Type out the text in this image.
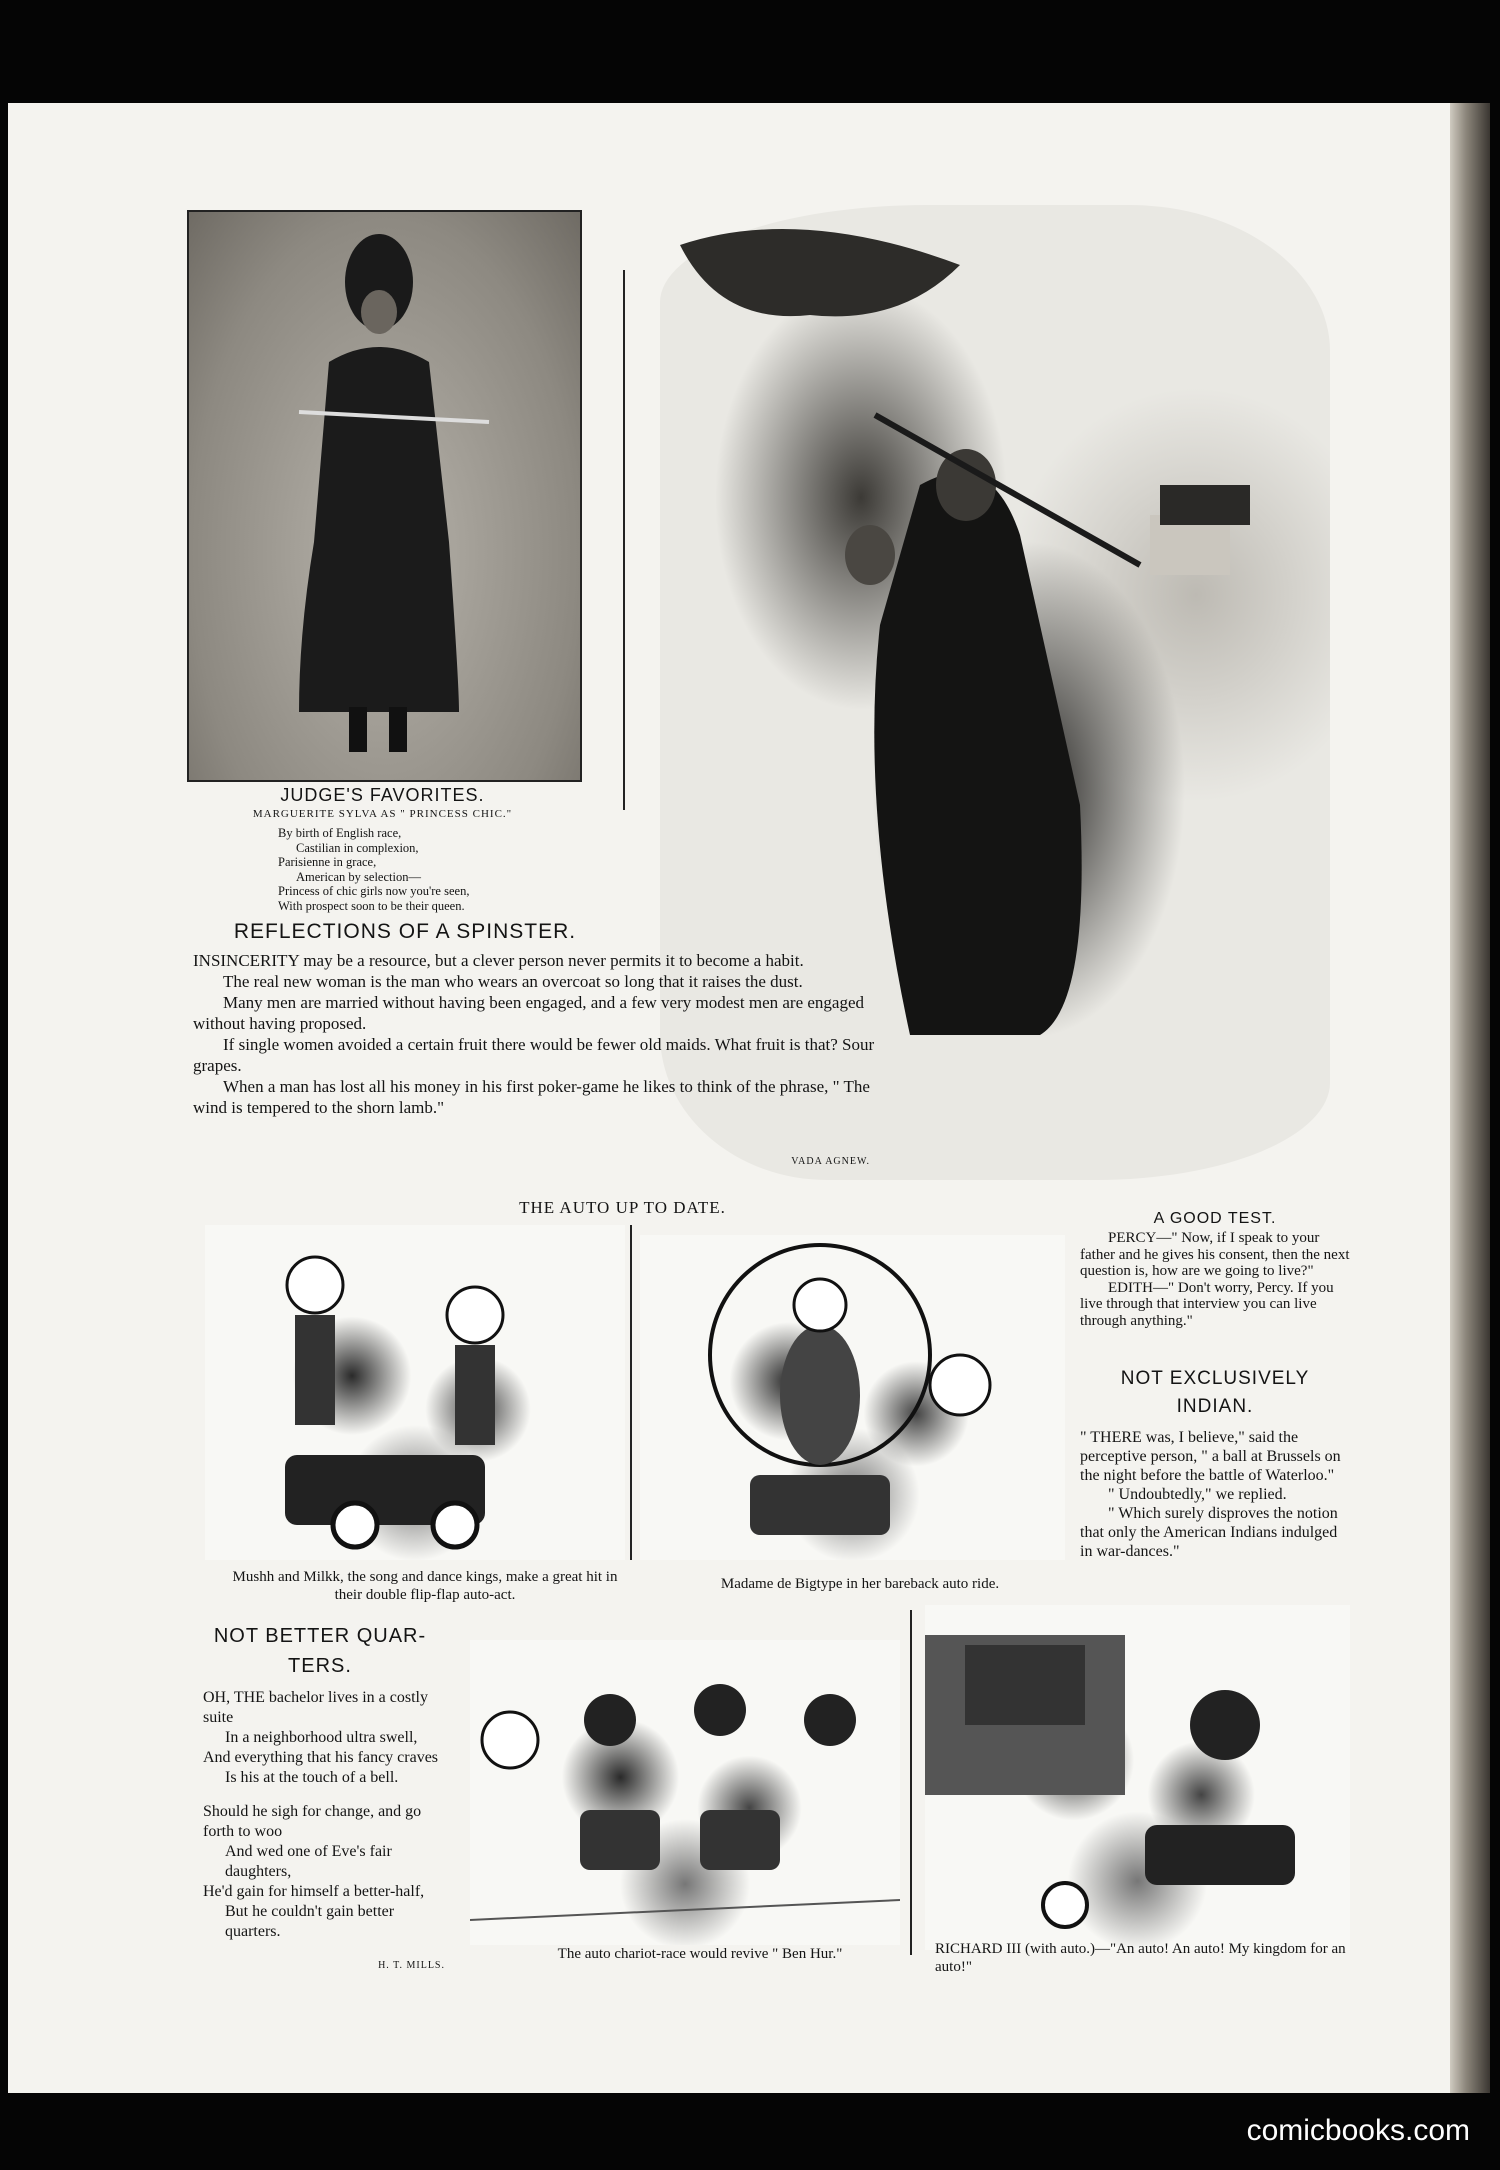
JUDGE'S FAVORITES.
MARGUERITE SYLVA AS " PRINCESS CHIC."
By birth of English race,
Castilian in complexion,
Parisienne in grace,
American by selection—
Princess of chic girls now you're seen,
With prospect soon to be their queen.
REFLECTIONS OF A SPINSTER.

INSINCERITY may be a resource, but a clever person never permits it to become a habit.

The real new woman is the man who wears an overcoat so long that it raises the dust.

Many men are married without having been engaged, and a few very modest men are engaged without having proposed.

If single women avoided a certain fruit there would be fewer old maids. What fruit is that? Sour grapes.

When a man has lost all his money in his first poker-game he likes to think of the phrase, " The wind is tempered to the shorn lamb."

VADA AGNEW.
THE AUTO UP TO DATE.
Mushh and Milkk, the song and dance kings, make a great hit in their double flip-flap auto-act.
Madame de Bigtype in her bareback auto ride.
A GOOD TEST.
PERCY—" Now, if I speak to your father and he gives his consent, then the next question is, how are we going to live?"
EDITH—" Don't worry, Percy. If you live through that interview you can live through anything."
NOT EXCLUSIVELY
INDIAN.
" THERE was, I believe," said the perceptive person, " a ball at Brussels on the night before the battle of Waterloo."
" Undoubtedly," we replied.
" Which surely disproves the notion that only the American Indians indulged in war-dances."
NOT BETTER QUAR-
TERS.

OH, THE bachelor lives in a costly suite

In a neighborhood ultra swell,

And everything that his fancy craves

Is his at the touch of a bell.

Should he sigh for change, and go forth to woo

And wed one of Eve's fair daughters,

He'd gain for himself a better-half,

But he couldn't gain better quarters.

H. T. MILLS.
The auto chariot-race would revive " Ben Hur."	RICHARD III (with auto.)—"An auto! An auto! My kingdom for an auto!"
comicbooks.com
